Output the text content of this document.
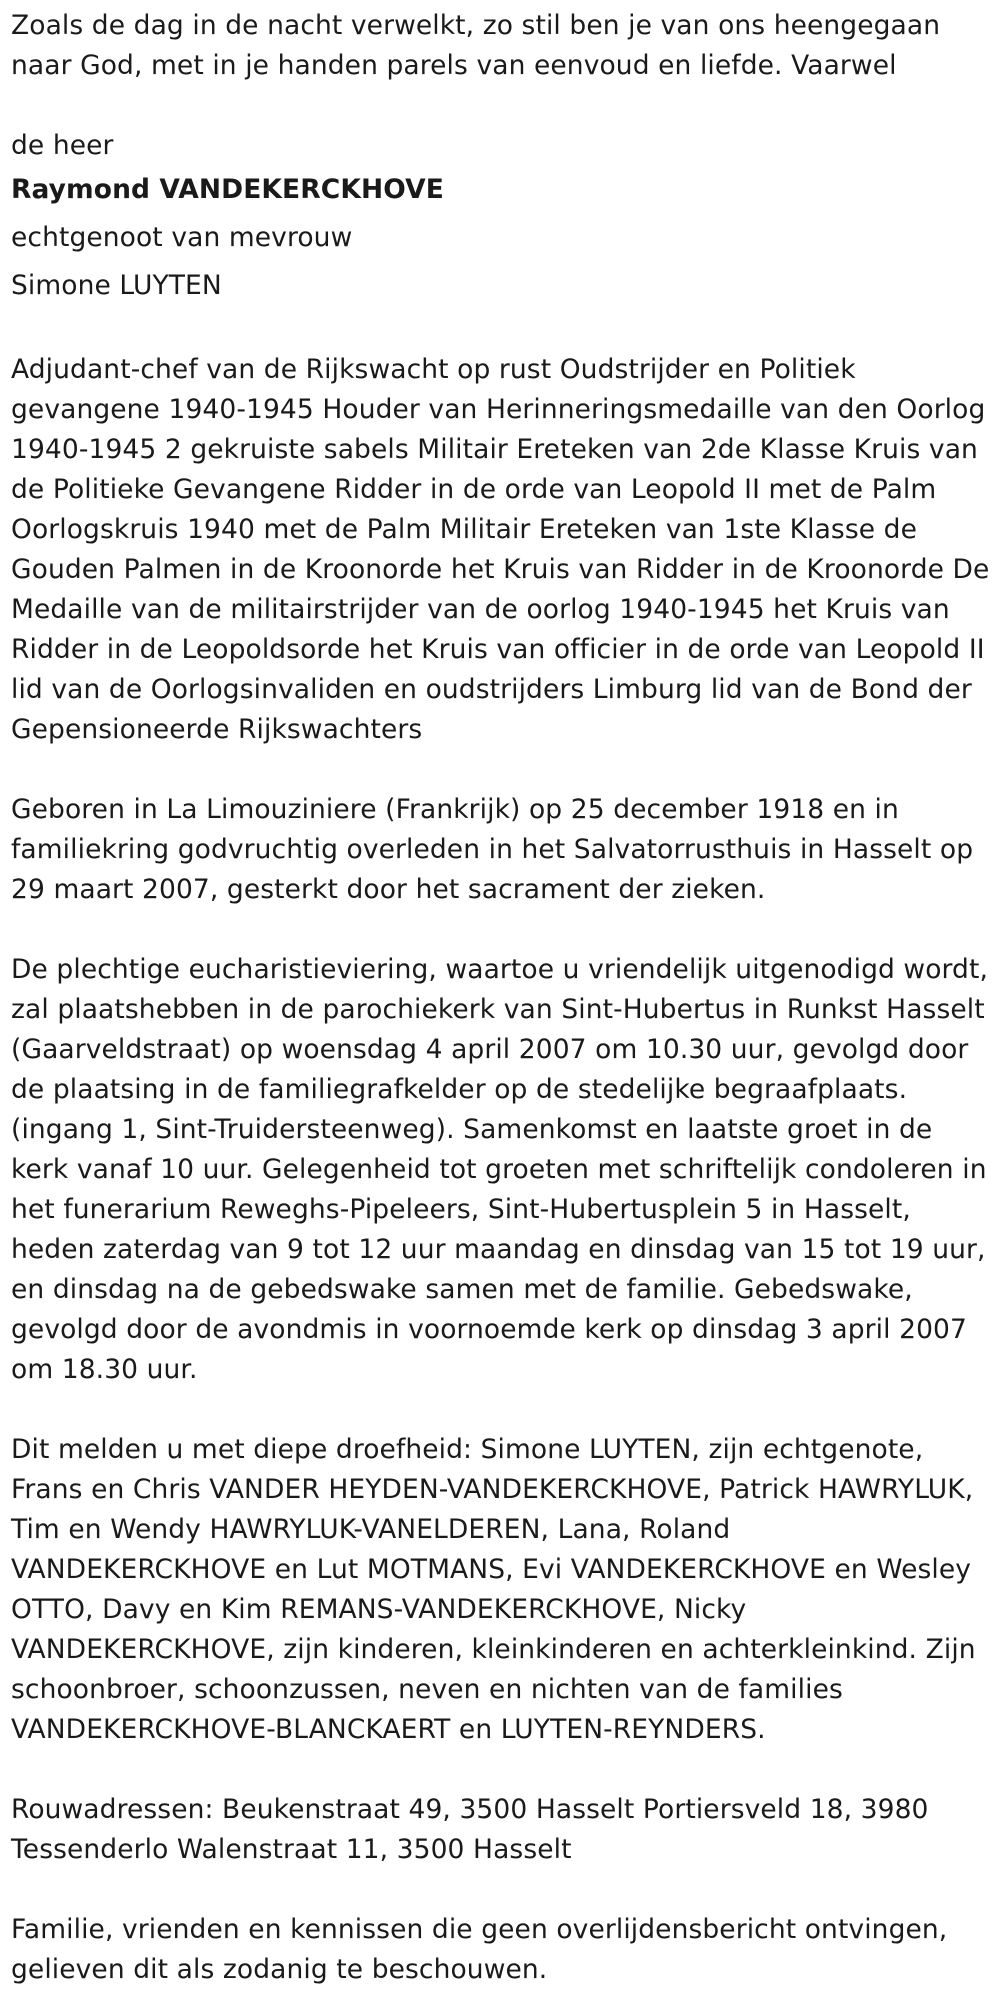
Zoals de dag in de nacht verwelkt, zo stil ben je van ons heengegaan

naar God, met in je handen parels van eenvoud en liefde. Vaarwel

de heer

Raymond VANDEKERCKHOVE

echtgenoot van mevrouw

Simone LUYTEN

Adjudant-chef van de Rijkswacht op rust Oudstrijder en Politiek

gevangene 1940-1945 Houder van Herinneringsmedaille van den Oorlog

1940-1945 2 gekruiste sabels Militair Ereteken van 2de Klasse Kruis van

de Politieke Gevangene Ridder in de orde van Leopold II met de Palm

Oorlogskruis 1940 met de Palm Militair Ereteken van 1ste Klasse de

Gouden Palmen in de Kroonorde het Kruis van Ridder in de Kroonorde De

Medaille van de militairstrijder van de oorlog 1940-1945 het Kruis van

Ridder in de Leopoldsorde het Kruis van officier in de orde van Leopold II

lid van de Oorlogsinvaliden en oudstrijders Limburg lid van de Bond der

Gepensioneerde Rijkswachters

Geboren in La Limouziniere (Frankrijk) op 25 december 1918 en in

familiekring godvruchtig overleden in het Salvatorrusthuis in Hasselt op

29 maart 2007, gesterkt door het sacrament der zieken.

De plechtige eucharistieviering, waartoe u vriendelijk uitgenodigd wordt,

zal plaatshebben in de parochiekerk van Sint-Hubertus in Runkst Hasselt

(Gaarveldstraat) op woensdag 4 april 2007 om 10.30 uur, gevolgd door

de plaatsing in de familiegrafkelder op de stedelijke begraafplaats.

(ingang 1, Sint-Truidersteenweg). Samenkomst en laatste groet in de

kerk vanaf 10 uur. Gelegenheid tot groeten met schriftelijk condoleren in

het funerarium Reweghs-Pipeleers, Sint-Hubertusplein 5 in Hasselt,

heden zaterdag van 9 tot 12 uur maandag en dinsdag van 15 tot 19 uur,

en dinsdag na de gebedswake samen met de familie. Gebedswake,

gevolgd door de avondmis in voornoemde kerk op dinsdag 3 april 2007

om 18.30 uur.

Dit melden u met diepe droefheid: Simone LUYTEN, zijn echtgenote,

Frans en Chris VANDER HEYDEN-VANDEKERCKHOVE, Patrick HAWRYLUK,

Tim en Wendy HAWRYLUK-VANELDEREN, Lana, Roland

VANDEKERCKHOVE en Lut MOTMANS, Evi VANDEKERCKHOVE en Wesley

OTTO, Davy en Kim REMANS-VANDEKERCKHOVE, Nicky

VANDEKERCKHOVE, zijn kinderen, kleinkinderen en achterkleinkind. Zijn

schoonbroer, schoonzussen, neven en nichten van de families

VANDEKERCKHOVE-BLANCKAERT en LUYTEN-REYNDERS.

Rouwadressen: Beukenstraat 49, 3500 Hasselt Portiersveld 18, 3980

Tessenderlo Walenstraat 11, 3500 Hasselt

Familie, vrienden en kennissen die geen overlijdensbericht ontvingen,

gelieven dit als zodanig te beschouwen.
